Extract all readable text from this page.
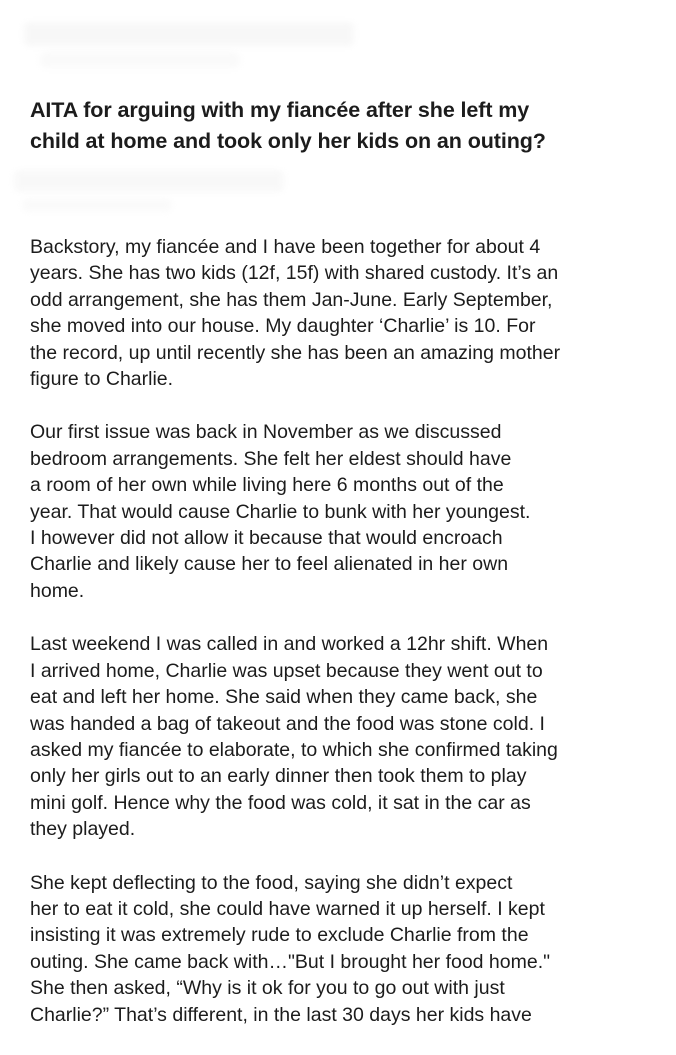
AITA for arguing with my fiancée after she left my
child at home and took only her kids on an outing?

Backstory, my fiancée and I have been together for about 4
years. She has two kids (12f, 15f) with shared custody. It’s an
odd arrangement, she has them Jan-June. Early September,
she moved into our house. My daughter ‘Charlie’ is 10. For
the record, up until recently she has been an amazing mother
figure to Charlie.

Our first issue was back in November as we discussed
bedroom arrangements. She felt her eldest should have
a room of her own while living here 6 months out of the
year. That would cause Charlie to bunk with her youngest.
I however did not allow it because that would encroach
Charlie and likely cause her to feel alienated in her own
home.

Last weekend I was called in and worked a 12hr shift. When
I arrived home, Charlie was upset because they went out to
eat and left her home. She said when they came back, she
was handed a bag of takeout and the food was stone cold. I
asked my fiancée to elaborate, to which she confirmed taking
only her girls out to an early dinner then took them to play
mini golf. Hence why the food was cold, it sat in the car as
they played.

She kept deflecting to the food, saying she didn’t expect
her to eat it cold, she could have warned it up herself. I kept
insisting it was extremely rude to exclude Charlie from the
outing. She came back with…"But I brought her food home."
She then asked, “Why is it ok for you to go out with just
Charlie?” That’s different, in the last 30 days her kids have
